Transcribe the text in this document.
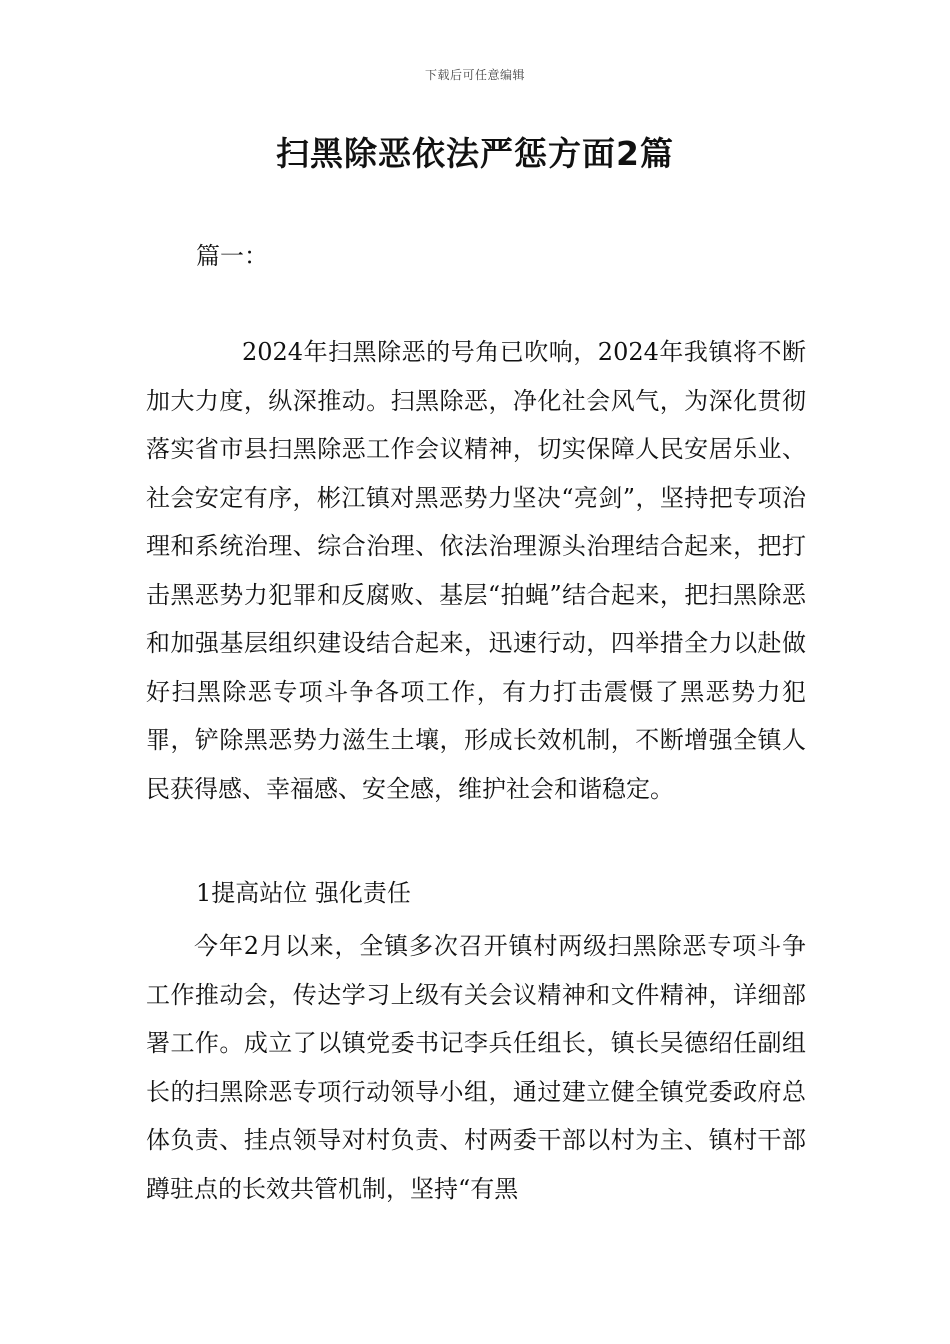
下载后可任意编辑
扫黑除恶依法严惩方面2篇
篇一：

2024年扫黑除恶的号角已吹响，2024年我镇将不断加大力度，纵深推动。扫黑除恶，净化社会风气，为深化贯彻落实省市县扫黑除恶工作会议精神，切实保障人民安居乐业、社会安定有序，彬江镇对黑恶势力坚决“亮剑”，坚持把专项治理和系统治理、综合治理、依法治理源头治理结合起来，把打击黑恶势力犯罪和反腐败、基层“拍蝇”结合起来，把扫黑除恶和加强基层组织建设结合起来，迅速行动，四举措全力以赴做好扫黑除恶专项斗争各项工作，有力打击震慑了黑恶势力犯罪，铲除黑恶势力滋生土壤，形成长效机制，不断增强全镇人民获得感、幸福感、安全感，维护社会和谐稳定。

1提高站位 强化责任

今年2月以来，全镇多次召开镇村两级扫黑除恶专项斗争工作推动会，传达学习上级有关会议精神和文件精神，详细部署工作。成立了以镇党委书记李兵任组长，镇长吴德绍任副组长的扫黑除恶专项行动领导小组，通过建立健全镇党委政府总体负责、挂点领导对村负责、村两委干部以村为主、镇村干部蹲驻点的长效共管机制，坚持“有黑
